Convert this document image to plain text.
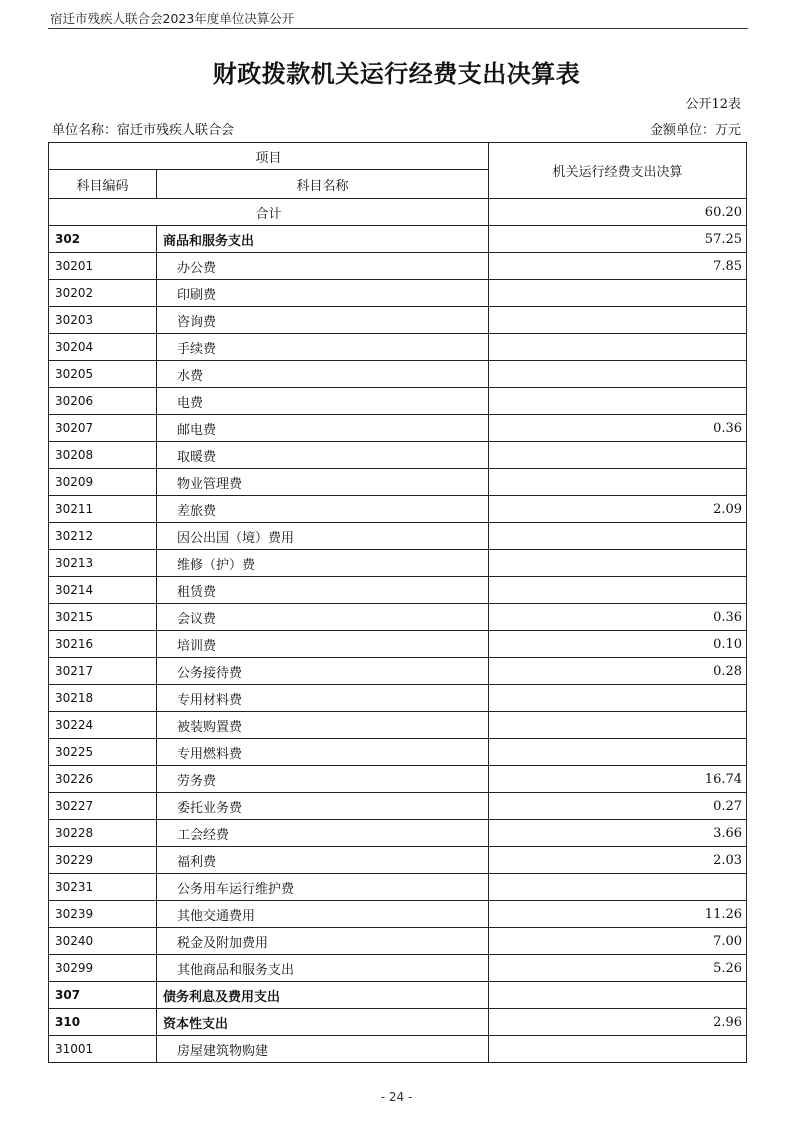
宿迁市残疾人联合会2023年度单位决算公开
财政拨款机关运行经费支出决算表
公开12表
单位名称：宿迁市残疾人联合会	金额单位：万元
项目		机关运行经费支出决算
科目编码	科目名称	
合计		60.20
302	商品和服务支出	57.25
30201	办公费	7.85
30202	印刷费	
30203	咨询费	
30204	手续费	
30205	水费	
30206	电费	
30207	邮电费	0.36
30208	取暖费	
30209	物业管理费	
30211	差旅费	2.09
30212	因公出国（境）费用	
30213	维修（护）费	
30214	租赁费	
30215	会议费	0.36
30216	培训费	0.10
30217	公务接待费	0.28
30218	专用材料费	
30224	被装购置费	
30225	专用燃料费	
30226	劳务费	16.74
30227	委托业务费	0.27
30228	工会经费	3.66
30229	福利费	2.03
30231	公务用车运行维护费	
30239	其他交通费用	11.26
30240	税金及附加费用	7.00
30299	其他商品和服务支出	5.26
307	债务利息及费用支出	
310	资本性支出	2.96
31001	房屋建筑物购建	
- 24 -
